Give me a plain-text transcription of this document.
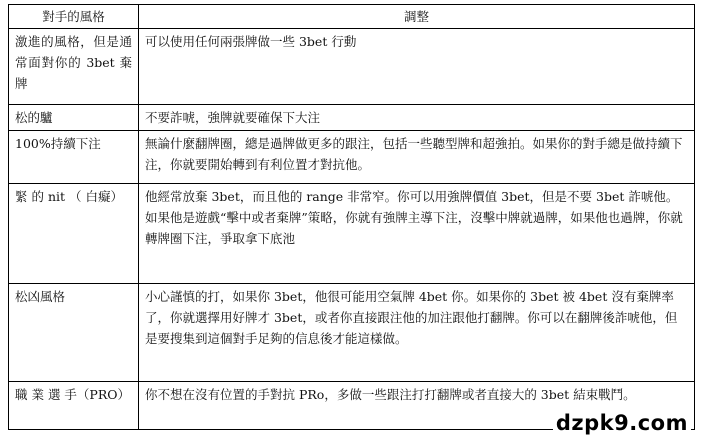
對手的風格	調整
激進的風格，但是通常面對你的 3bet 棄牌	可以使用任何兩張牌做一些 3bet 行動
松的驢	不要詐唬，強牌就要確保下大注
100%持續下注	無論什麼翻牌圈，總是過牌做更多的跟注，包括一些聽型牌和超強拍。如果你的對手總是做持續下注，你就要開始轉到有利位置才對抗他。
緊 的 nit （ 白癡）	他經常放棄 3bet，而且他的 range 非常窄。你可以用強牌價值 3bet，但是不要 3bet 詐唬他。如果他是遊戲“擊中或者棄牌”策略，你就有強牌主導下注，沒擊中牌就過牌，如果他也過牌，你就轉牌圈下注，爭取拿下底池
松凶風格	小心謹慎的打，如果你 3bet，他很可能用空氣牌 4bet 你。如果你的 3bet 被 4bet 沒有棄牌率了，你就選擇用好牌才 3bet，或者你直接跟注他的加注跟他打翻牌。你可以在翻牌後詐唬他，但是要搜集到這個對手足夠的信息後才能這樣做。
職 業 選 手（PRO）	你不想在沒有位置的手對抗 PRo，多做一些跟注打打翻牌或者直接大的 3bet 結束戰鬥。
dzpk9.com
